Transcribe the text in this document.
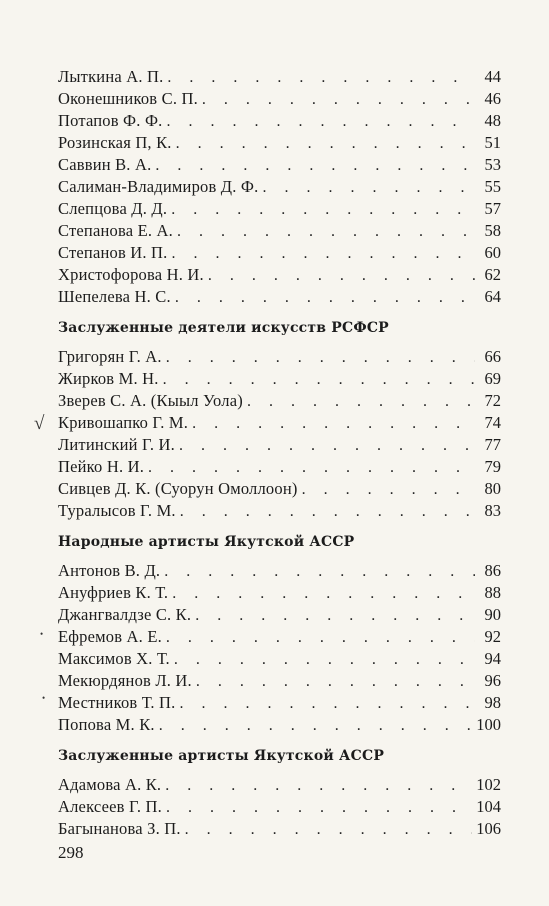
Лыткина А. П. . . .	44
Оконешников С. П. . . .	46
Потапов Ф. Ф. . . .	48
Розинская П, К. . . .	51
Саввин В. А. . . .	53
Салиман-Владимиров Д. Ф. . . .	55
Слепцова Д. Д. . . .	57
Степанова Е. А. . . .	58
Степанов И. П. . . .	60
Христофорова Н. И. . . .	62
Шепелева Н. С. . . .	64
Заслуженные деятели искусств РСФСР
Григорян Г. А. . . .	66
Жирков М. Н. . . .	69
Зверев С. А. (Кыыл Уола) . . .	72
Кривошапко Г. М. . . .	74
Литинский Г. И. . . .	77
Пейко Н. И. . . .	79
Сивцев Д. К. (Суорун Омоллоон) . . .	80
Туралысов Г. М. . . .	83
Народные артисты Якутской АССР
Антонов В. Д. . . .	86
Ануфриев К. Т. . . .	88
Джангвалдзе С. К. . . .	90
Ефремов А. Е. . . .	92
Максимов Х. Т. . . .	94
Мекюрдянов Л. И. . . .	96
Местников Т. П. . . .	98
Попова М. К. . . .	100
Заслуженные артисты Якутской АССР
Адамова А. К. . . .	102
Алексеев Г. П. . . .	104
Багынанова З. П. . . .	106
298
√
•
•
